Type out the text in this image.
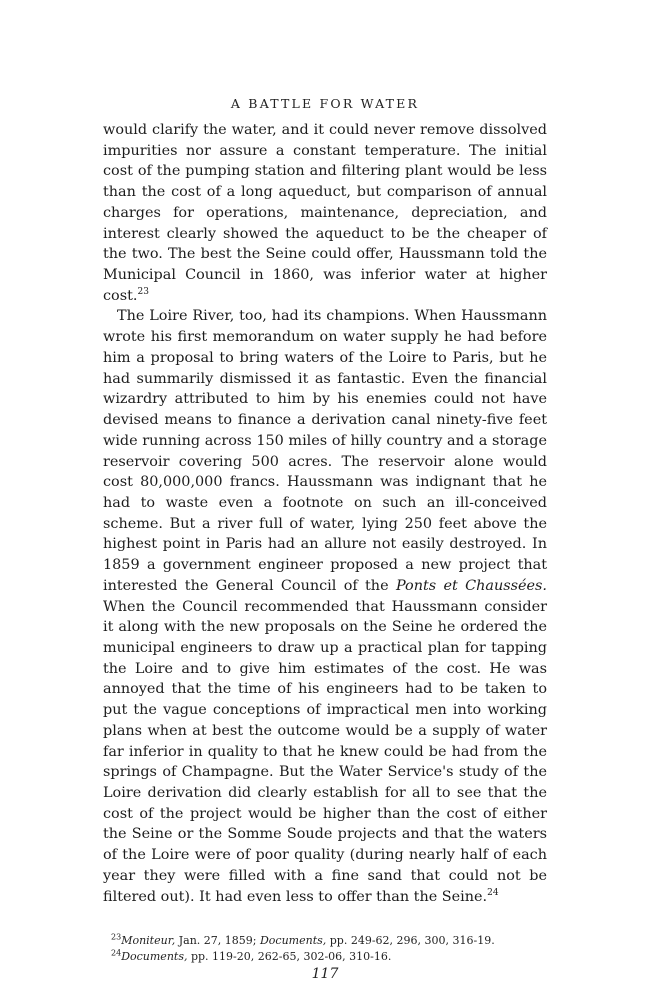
A BATTLE FOR WATER

would clarify the water, and it could never remove dissolved impurities nor assure a constant temperature. The initial cost of the pumping station and filtering plant would be less than the cost of a long aqueduct, but comparison of annual charges for operations, maintenance, depreciation, and interest clearly showed the aqueduct to be the cheaper of the two. The best the Seine could offer, Haussmann told the Municipal Council in 1860, was inferior water at higher cost.$^{23}$

The Loire River, too, had its champions. When Haussmann wrote his first memorandum on water supply he had before him a proposal to bring waters of the Loire to Paris, but he had summarily dismissed it as fantastic. Even the financial wizardry attributed to him by his enemies could not have devised means to finance a derivation canal ninety-five feet wide running across 150 miles of hilly country and a storage reservoir covering 500 acres. The reservoir alone would cost 80,000,000 francs. Haussmann was indignant that he had to waste even a footnote on such an ill-conceived scheme. But a river full of water, lying 250 feet above the highest point in Paris had an allure not easily destroyed. In 1859 a government engineer proposed a new project that interested the General Council of the Ponts et Chaussées. When the Council recommended that Haussmann consider it along with the new proposals on the Seine he ordered the municipal engineers to draw up a practical plan for tapping the Loire and to give him estimates of the cost. He was annoyed that the time of his engineers had to be taken to put the vague conceptions of impractical men into working plans when at best the outcome would be a supply of water far inferior in quality to that he knew could be had from the springs of Champagne. But the Water Service's study of the Loire derivation did clearly establish for all to see that the cost of the project would be higher than the cost of either the Seine or the Somme Soude projects and that the waters of the Loire were of poor quality (during nearly half of each year they were filled with a fine sand that could not be filtered out). It had even less to offer than the Seine.$^{24}$

$^{23}$Moniteur, Jan. 27, 1859; Documents, pp. 249-62, 296, 300, 316-19.

$^{24}$Documents, pp. 119-20, 262-65, 302-06, 310-16.

117
